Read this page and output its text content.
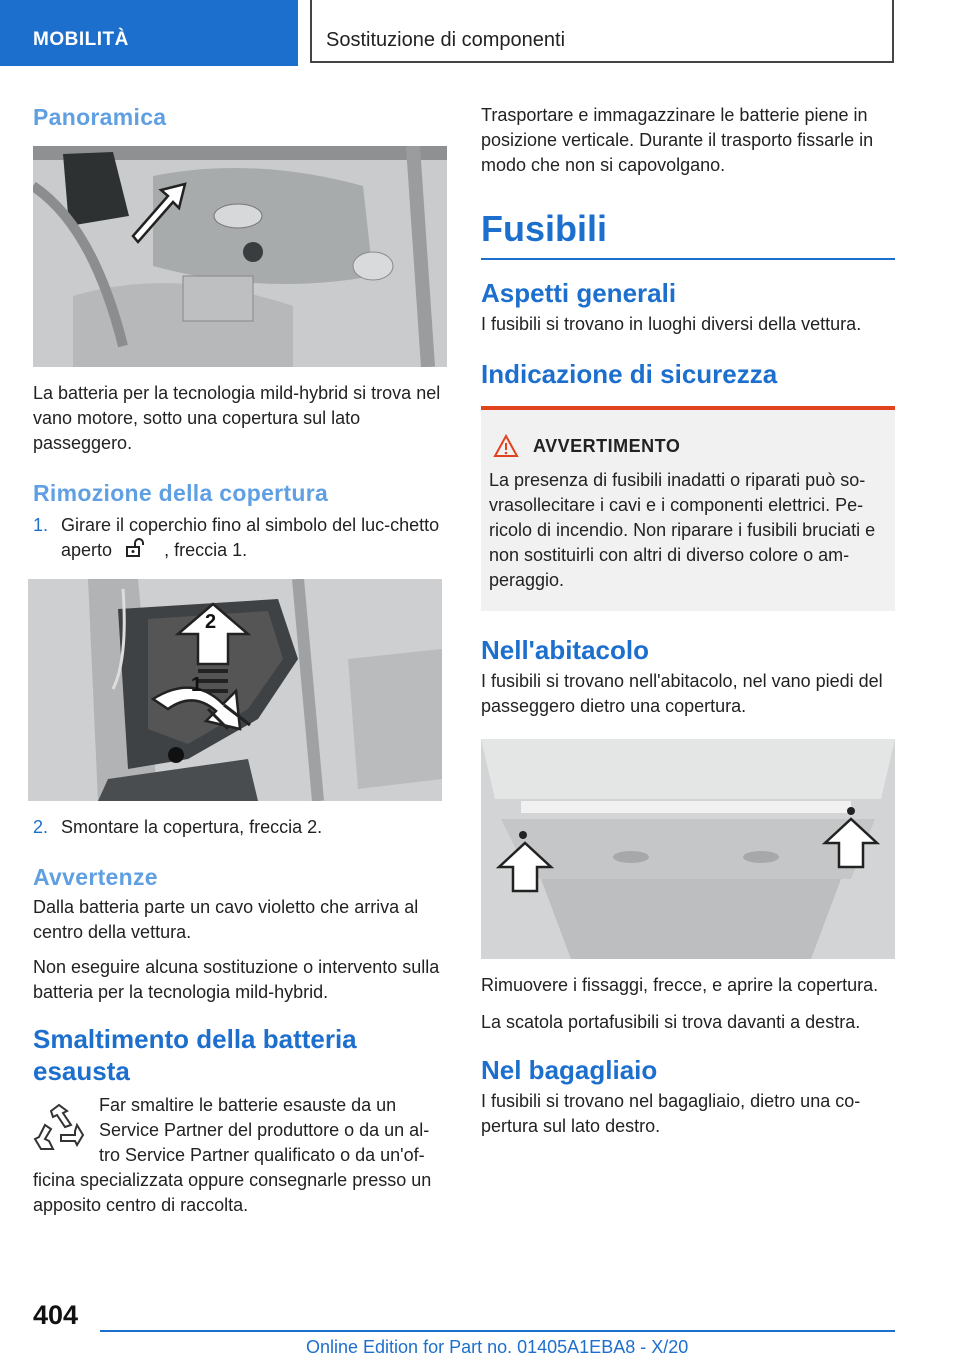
MOBILITÀ	Sostituzione di componenti
Panoramica

La batteria per la tecnologia mild-hybrid si trova nel vano motore, sotto una copertura sul lato passeggero.

Rimozione della copertura
1. Girare il coperchio fino al simbolo del luc-chetto aperto	, freccia 1.

2
1
2. Smontare la copertura, freccia 2.

Avvertenze

Dalla batteria parte un cavo violetto che arriva al centro della vettura.

Non eseguire alcuna sostituzione o intervento sulla batteria per la tecnologia mild-hybrid.

Smaltimento della batteria esausta

Far smaltire le batterie esauste da un Service Partner del produttore o da un al-tro Service Partner qualificato o da un'of-

ficina specializzata oppure consegnarle presso un apposito centro di raccolta.

Trasportare e immagazzinare le batterie piene in posizione verticale. Durante il trasporto fissarle in modo che non si capovolgano.

Fusibili
Aspetti generali

I fusibili si trovano in luoghi diversi della vettura.

Indicazione di sicurezza
AVVERTIMENTO

La presenza di fusibili inadatti o riparati può so-vrasollecitare i cavi e i componenti elettrici. Pe-ricolo di incendio. Non riparare i fusibili bruciati e non sostituirli con altri di diverso colore o am-peraggio.

Nell'abitacolo

I fusibili si trovano nell'abitacolo, nel vano piedi del passeggero dietro una copertura.

Rimuovere i fissaggi, frecce, e aprire la copertura.

La scatola portafusibili si trova davanti a destra.

Nel bagagliaio

I fusibili si trovano nel bagagliaio, dietro una co-pertura sul lato destro.

404
Online Edition for Part no. 01405A1EBA8 - X/20
